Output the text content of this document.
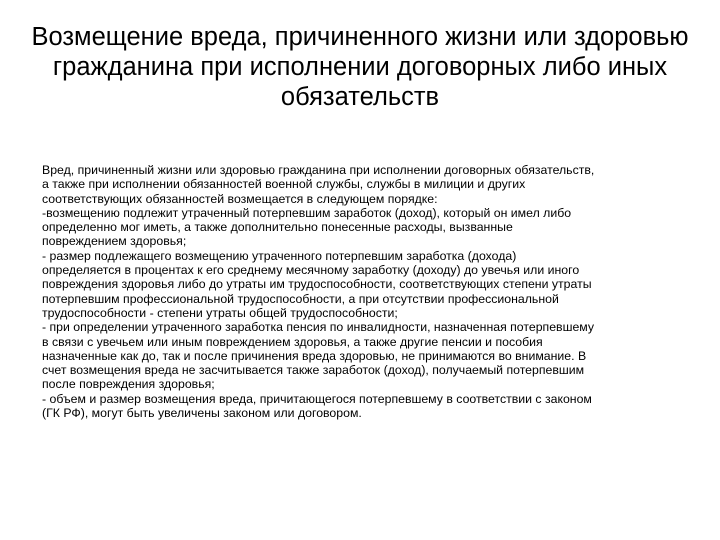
Возмещение вреда, причиненного жизни или здоровью
гражданина при исполнении договорных либо иных
обязательств
Вред, причиненный жизни или здоровью гражданина при исполнении договорных обязательств,
а также при исполнении обязанностей военной службы, службы в милиции и других
соответствующих обязанностей возмещается в следующем порядке:
-возмещению подлежит утраченный потерпевшим заработок (доход), который он имел либо
определенно мог иметь, а также дополнительно понесенные расходы, вызванные
повреждением здоровья;
- размер подлежащего возмещению утраченного потерпевшим заработка (дохода)
определяется в процентах к его среднему месячному заработку (доходу) до увечья или иного
повреждения здоровья либо до утраты им трудоспособности, соответствующих степени утраты
потерпевшим профессиональной трудоспособности, а при отсутствии профессиональной
трудоспособности - степени утраты общей трудоспособности;
- при определении утраченного заработка пенсия по инвалидности, назначенная потерпевшему
в связи с увечьем или иным повреждением здоровья, а также другие пенсии и пособия
назначенные как до, так и после причинения вреда здоровью, не принимаются во внимание. В
счет возмещения вреда не засчитывается также заработок (доход), получаемый потерпевшим
после повреждения здоровья;
- объем и размер возмещения вреда, причитающегося потерпевшему в соответствии с законом
(ГК РФ), могут быть увеличены законом или договором.
